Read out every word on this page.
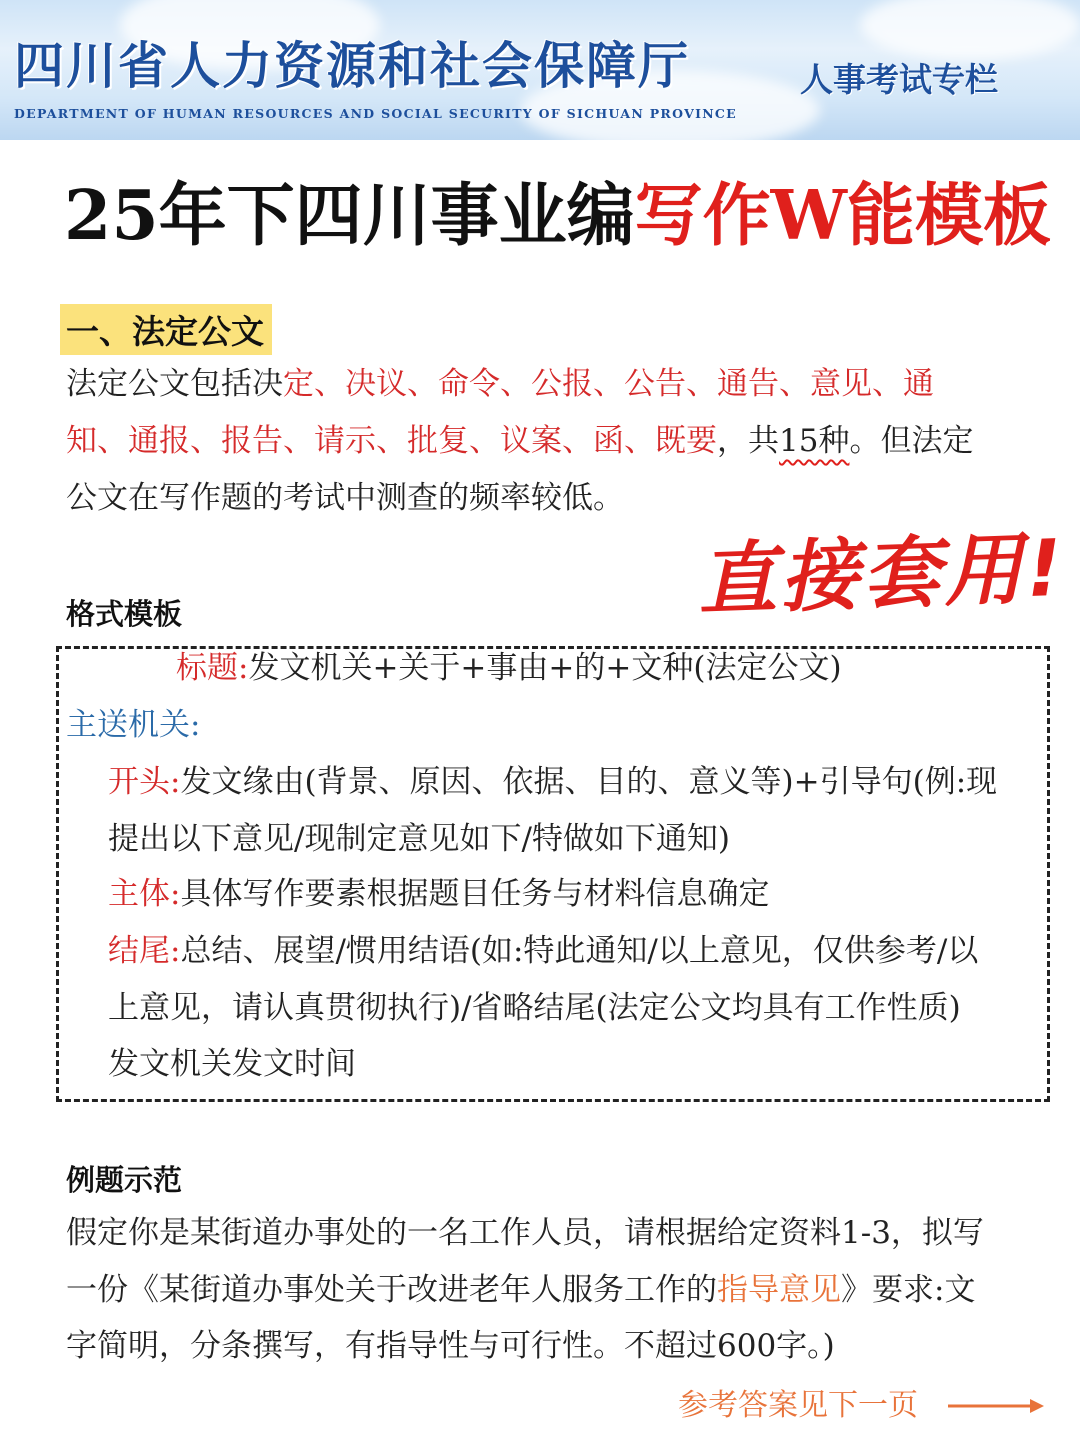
四川省人力资源和社会保障厅
DEPARTMENT OF HUMAN RESOURCES AND SOCIAL SECURITY OF SICHUAN PROVINCE
人事考试专栏
25年下四川事业编写作W能模板
一、法定公文
法定公文包括决定、决议、命令、公报、公告、通告、意见、通
知、通报、报告、请示、批复、议案、函、既要，共15种。但法定
公文在写作题的考试中测查的频率较低。
直接套用!
格式模板
标题:发文机关+关于+事由+的+文种(法定公文)
主送机关:
开头:发文缘由(背景、原因、依据、目的、意义等)+引导句(例:现
提出以下意见/现制定意见如下/特做如下通知)
主体:具体写作要素根据题目任务与材料信息确定
结尾:总结、展望/惯用结语(如:特此通知/以上意见，仅供参考/以
上意见，请认真贯彻执行)/省略结尾(法定公文均具有工作性质)
发文机关发文时间
例题示范
假定你是某街道办事处的一名工作人员，请根据给定资料1-3，拟写
一份《某街道办事处关于改进老年人服务工作的指导意见》要求:文
字简明，分条撰写，有指导性与可行性。不超过600字。)
参考答案见下一页
